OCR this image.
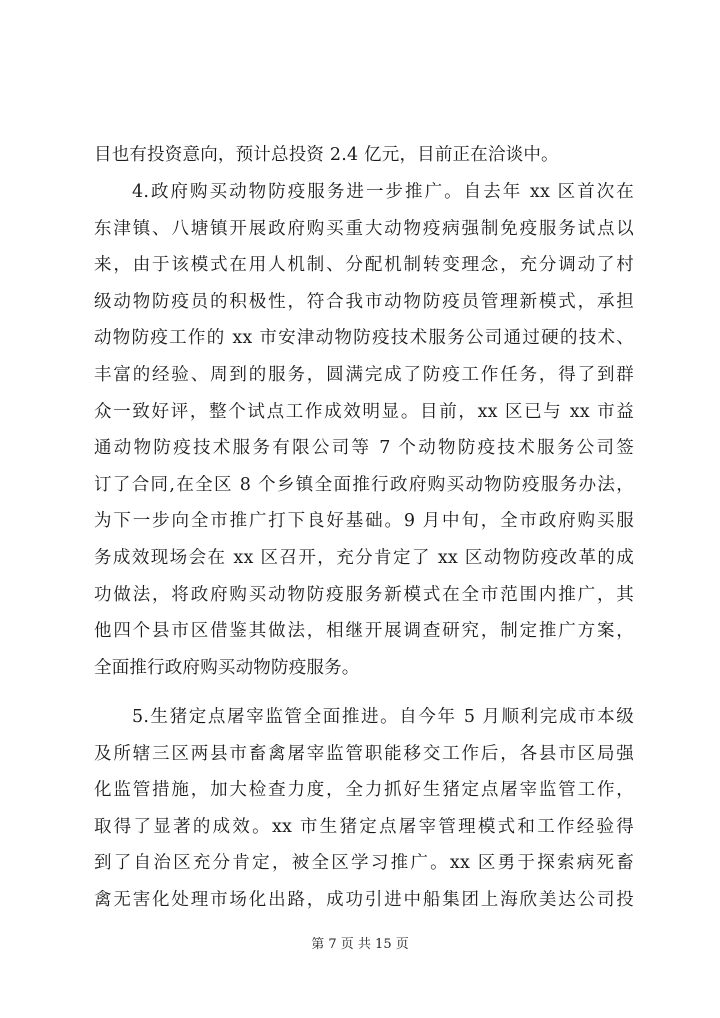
目也有投资意向，预计总投资 2.4 亿元，目前正在洽谈中。
4.政府购买动物防疫服务进一步推广。自去年 xx 区首次在
东津镇、八塘镇开展政府购买重大动物疫病强制免疫服务试点以
来，由于该模式在用人机制、分配机制转变理念，充分调动了村
级动物防疫员的积极性，符合我市动物防疫员管理新模式，承担
动物防疫工作的 xx 市安津动物防疫技术服务公司通过硬的技术、
丰富的经验、周到的服务，圆满完成了防疫工作任务，得了到群
众一致好评，整个试点工作成效明显。目前，xx 区已与 xx 市益
通动物防疫技术服务有限公司等 7 个动物防疫技术服务公司签
订了合同,在全区 8 个乡镇全面推行政府购买动物防疫服务办法，
为下一步向全市推广打下良好基础。9 月中旬，全市政府购买服
务成效现场会在 xx 区召开，充分肯定了 xx 区动物防疫改革的成
功做法，将政府购买动物防疫服务新模式在全市范围内推广，其
他四个县市区借鉴其做法，相继开展调查研究，制定推广方案，
全面推行政府购买动物防疫服务。
5.生猪定点屠宰监管全面推进。自今年 5 月顺利完成市本级
及所辖三区两县市畜禽屠宰监管职能移交工作后，各县市区局强
化监管措施，加大检查力度，全力抓好生猪定点屠宰监管工作，
取得了显著的成效。xx 市生猪定点屠宰管理模式和工作经验得
到了自治区充分肯定，被全区学习推广。xx 区勇于探索病死畜
禽无害化处理市场化出路，成功引进中船集团上海欣美达公司投
第 7 页 共 15 页
